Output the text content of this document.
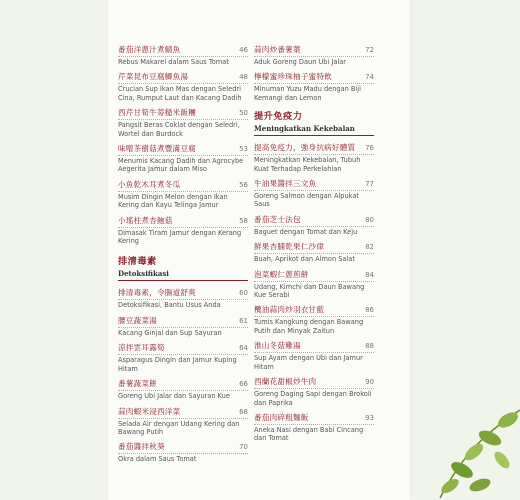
番茄洋蔥汁煮鯖魚	46
Rebus Makarel dalam Saus Tomat
芹菜昆布豆腐鯽魚湯	48
Crucian Sup Ikan Mas dengan Seledri Cina, Rumput Laut dan Kacang Dadih
西芹甘筍牛蒡糙米飯糰	50
Pangsit Beras Coklat dengan Seledri, Wortel dan Burdock
味噌茶樹菇煮豐滿豆腐	53
Menumis Kacang Dadih dan Agrocybe Aegerita Jamur dalam Miso
小魚乾木耳煮冬瓜	56
Musim Dingin Melon dengan Ikan Kering dan Kayu Telinga Jamur
小瑤柱煮杏鮑菇	58
Dimasak Tiram Jamur dengan Kerang Kering
排清毒素
Detoksifikasi
排清毒素，令腸道舒爽	60
Detoksifikasi, Bantu Usus Anda
腰豆蔬菜湯	61
Kacang Ginjal dan Sup Sayuran
涼拌雲耳露筍	64
Asparagus Dingin dan Jamur Kuping Hitam
番薯蔬菜餅	66
Goreng Ubi Jalar dan Sayuran Kue
蒜肉蝦米浸西洋菜	68
Selada Air dengan Udang Kering dan Bawang Putih
番茄醬拌秋葵	70
Okra dalam Saus Tomat
蒜肉炒番薯葉	72
Aduk Goreng Daun Ubi Jalar
檸檬蜜珍珠柚子蜜特飲	74
Minuman Yuzu Madu dengan Biji Kemangi dan Lemon
提升免疫力
Meningkatkan Kekebalan
提高免疫力，強身抗病好體質 76
Meningkatkan Kekebalan, Tubuh Kuat Terhadap Perkelahian
牛油果醬拌三文魚	77
Goreng Salmon dengan Alpukat Saus
番茄芝士法包	80
Baguet dengan Tomat dan Keju
鮮果杏脯乾果仁沙律	82
Buah, Aprikot dan Almon Salat
泡菜蝦仁蔥煎餅	84
Udang, Kimchi dan Daun Bawang Kue Serabi
欖油蒜肉炒羽衣甘藍	86
Tumis Kangkung dengan Bawang Putih dan Minyak Zaitun
淮山冬菇雞湯	88
Sup Ayam dengan Ubi dan Jamur Hitam
西蘭花甜椒炒牛肉	90
Goreng Daging Sapi dengan Brokoli dan Paprika
番茄肉碎粗麵飯	93
Aneka Nasi dengan Babi Cincang dan Tomat
